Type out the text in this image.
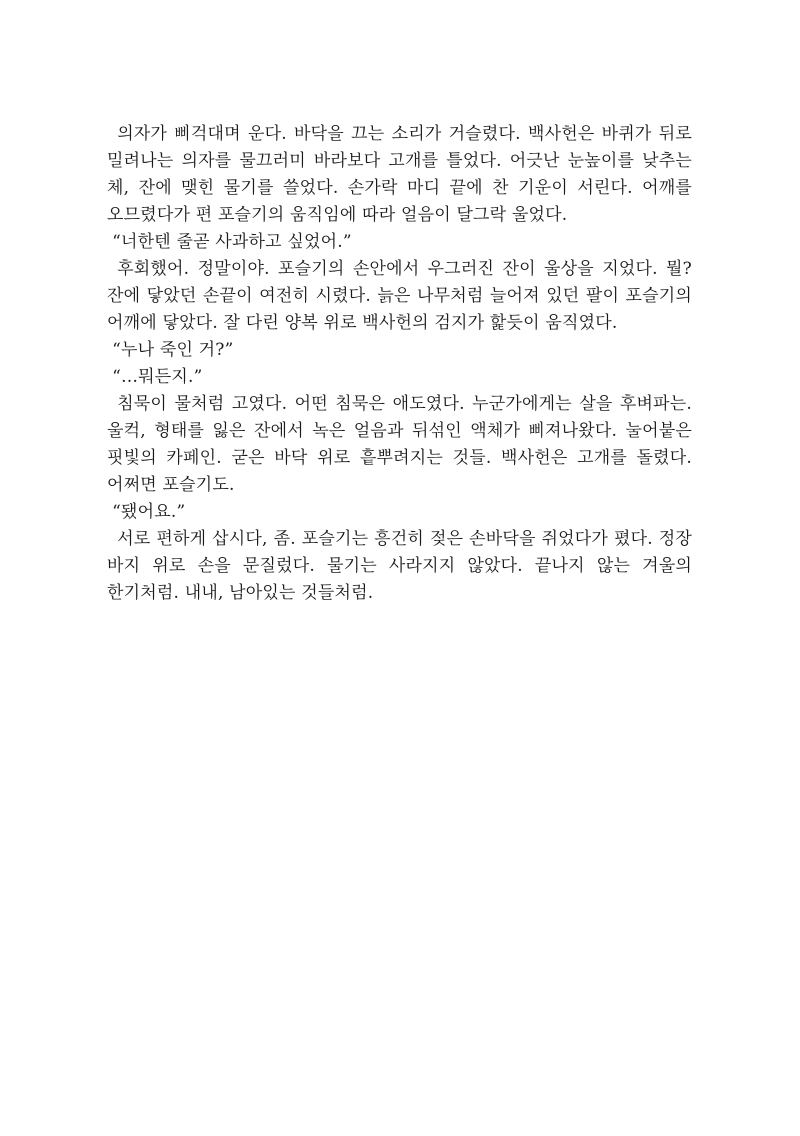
의자가 삐걱대며 운다. 바닥을 끄는 소리가 거슬렸다. 백사헌은 바퀴가 뒤로 밀려나는 의자를 물끄러미 바라보다 고개를 틀었다. 어긋난 눈높이를 낮추는 체, 잔에 맺힌 물기를 쓸었다. 손가락 마디 끝에 찬 기운이 서린다. 어깨를 오므렸다가 편 포슬기의 움직임에 따라 얼음이 달그락 울었다.

“너한텐 줄곧 사과하고 싶었어.”

후회했어. 정말이야. 포슬기의 손안에서 우그러진 잔이 울상을 지었다. 뭘? 잔에 닿았던 손끝이 여전히 시렸다. 늙은 나무처럼 늘어져 있던 팔이 포슬기의 어깨에 닿았다. 잘 다린 양복 위로 백사헌의 검지가 핥듯이 움직였다.

“누나 죽인 거?”

“…뭐든지.”

침묵이 물처럼 고였다. 어떤 침묵은 애도였다. 누군가에게는 살을 후벼파는. 울컥, 형태를 잃은 잔에서 녹은 얼음과 뒤섞인 액체가 삐져나왔다. 눌어붙은 핏빛의 카페인. 굳은 바닥 위로 흩뿌려지는 것들. 백사헌은 고개를 돌렸다. 어쩌면 포슬기도.

“됐어요.”

서로 편하게 삽시다, 좀. 포슬기는 흥건히 젖은 손바닥을 쥐었다가 폈다. 정장 바지 위로 손을 문질렀다. 물기는 사라지지 않았다. 끝나지 않는 겨울의 한기처럼. 내내, 남아있는 것들처럼.
